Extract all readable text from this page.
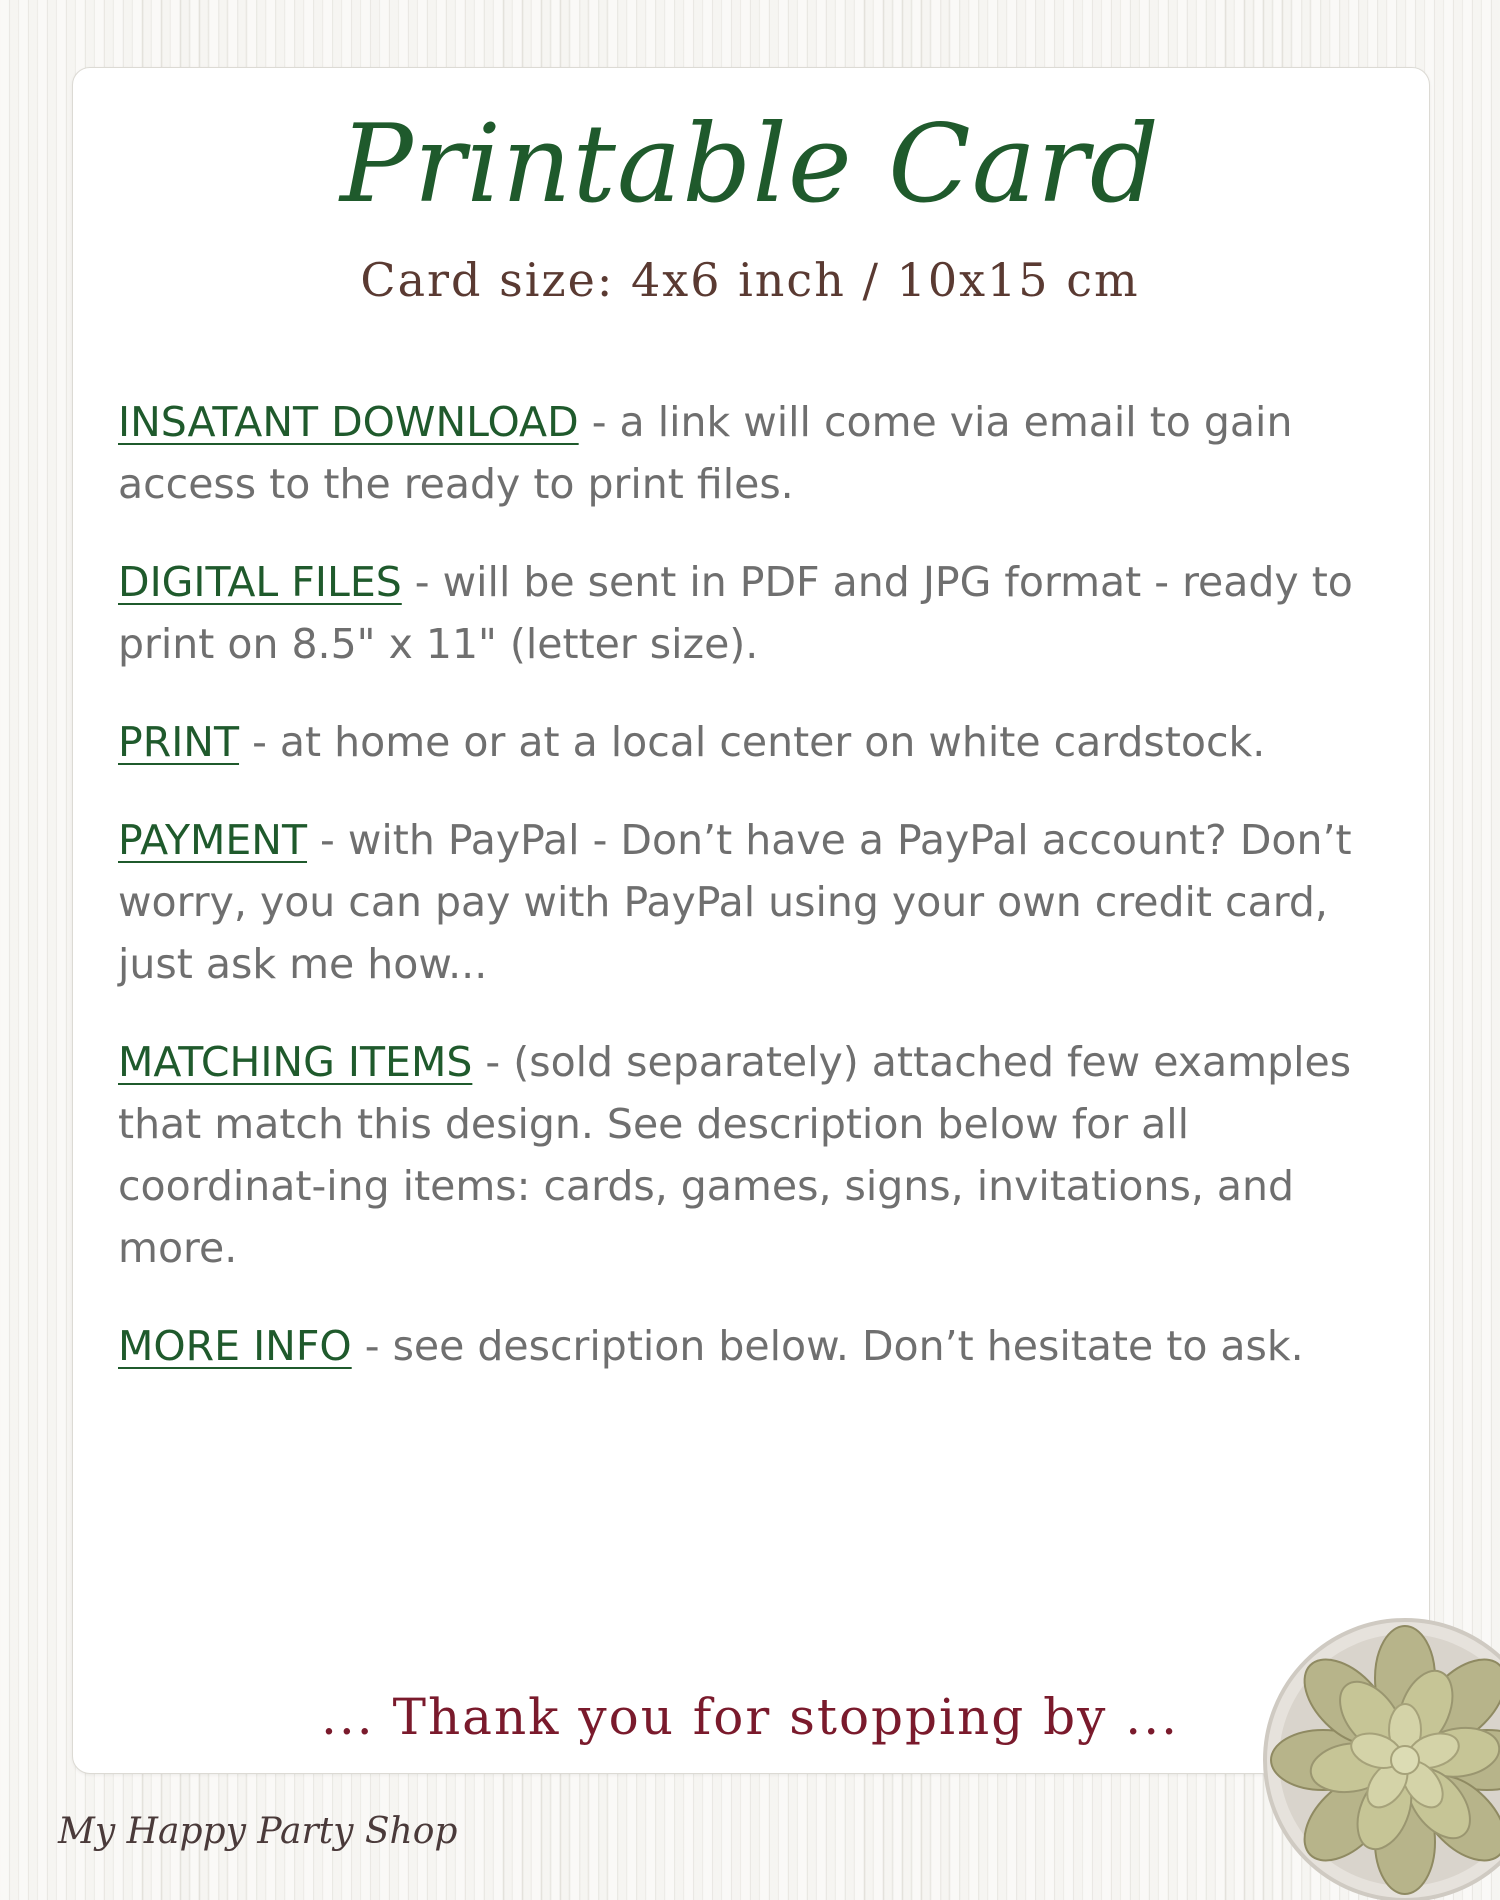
Printable Card
Card size: 4x6 inch / 10x15 cm

INSATANT DOWNLOAD - a link will come via email to gain access to the ready to print files.

DIGITAL FILES - will be sent in PDF and JPG format - ready to print on 8.5" x 11" (letter size).

PRINT - at home or at a local center on white cardstock.

PAYMENT - with PayPal - Don’t have a PayPal account? Don’t worry, you can pay with PayPal using your own credit card, just ask me how...

MATCHING ITEMS - (sold separately) attached few examples that match this design. See description below for all coordinat-ing items: cards, games, signs, invitations, and more.

MORE INFO - see description below. Don’t hesitate to ask.

... Thank you for stopping by ...
My Happy Party Shop
